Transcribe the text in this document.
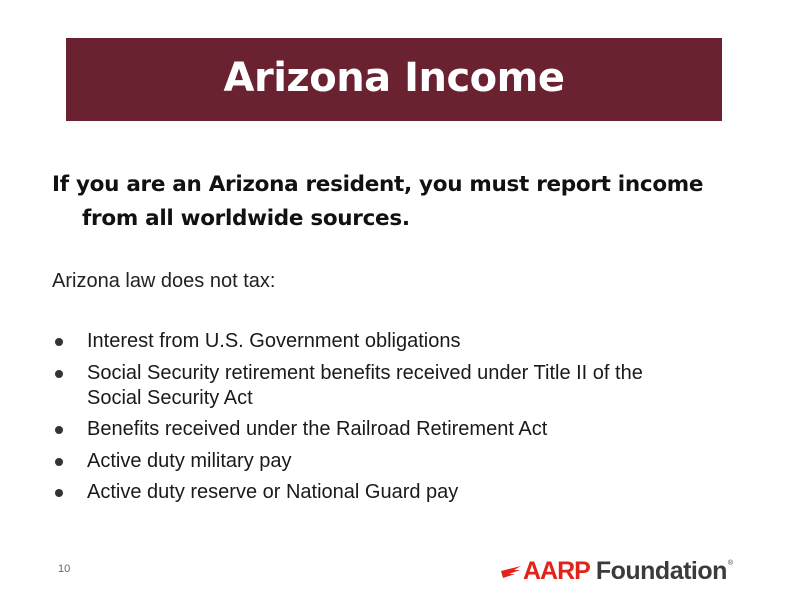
Arizona Income
If you are an Arizona resident, you must report income
from all worldwide sources.
Arizona law does not tax:
Interest from U.S. Government obligations
Social Security retirement benefits received under Title II of the
Social Security Act
Benefits received under the Railroad Retirement Act
Active duty military pay
Active duty reserve or National Guard pay
10	AARP Foundation ®
